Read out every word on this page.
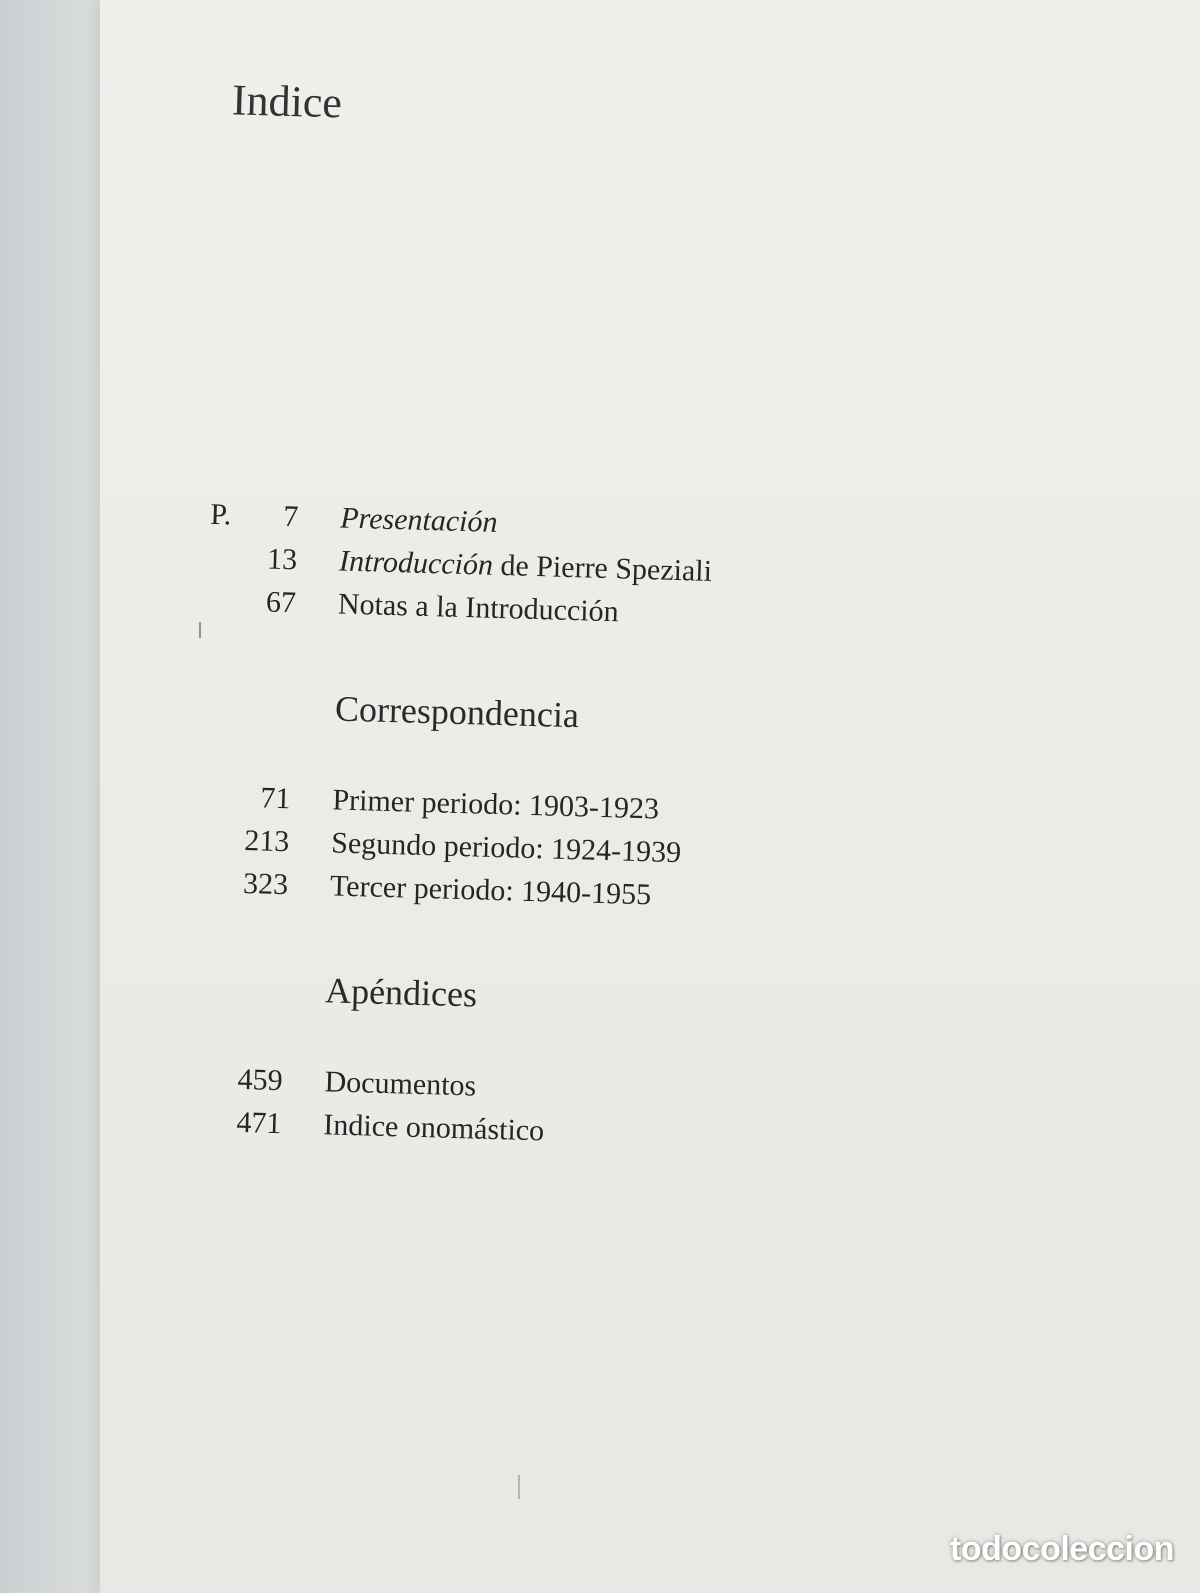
Indice
P.	7 Presentación
13 Introducción de Pierre Speziali
67 Notas a la Introducción
Correspondencia
71 Primer periodo: 1903-1923
213 Segundo periodo: 1924-1939
323 Tercer periodo: 1940-1955
Apéndices
459 Documentos
471 Indice onomástico
todocoleccion
